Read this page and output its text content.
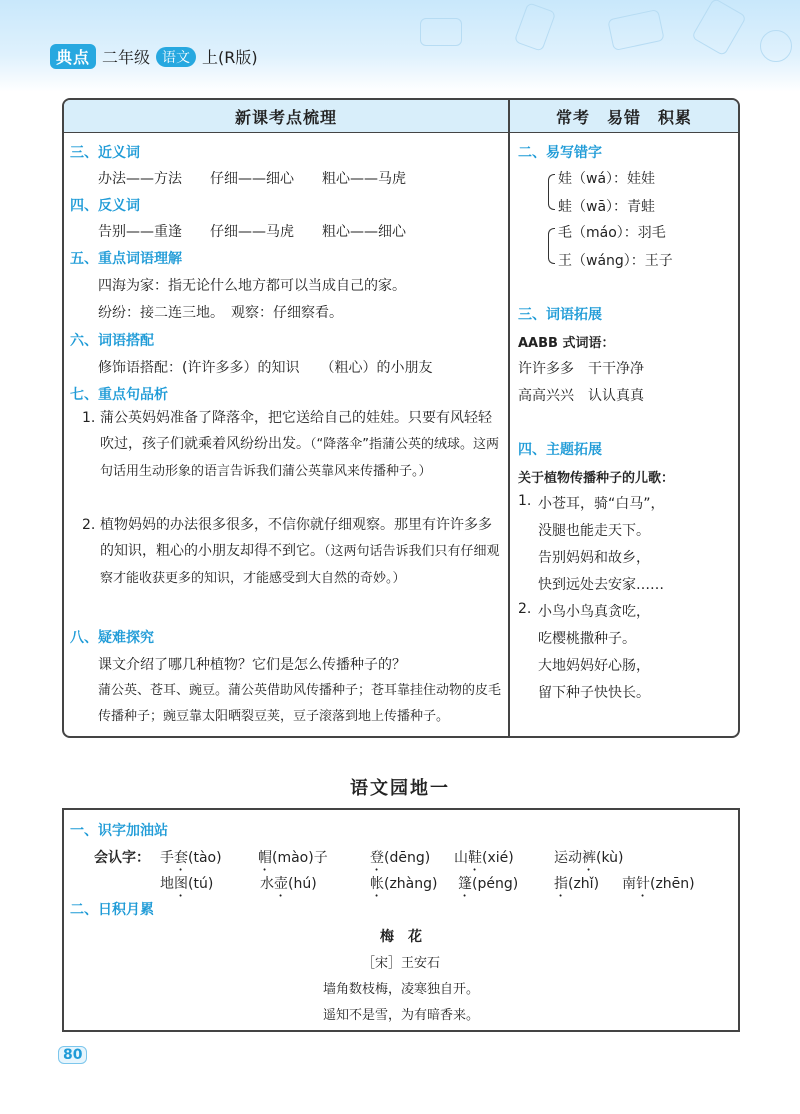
典点 二年级 语文 上(R版)
新课考点梳理	常考　易错　积累
三、近义词
办法——方法　　仔细——细心　　粗心——马虎
四、反义词
告别——重逢　　仔细——马虎　　粗心——细心
五、重点词语理解
四海为家：指无论什么地方都可以当成自己的家。
纷纷：接二连三地。　观察：仔细察看。
六、词语搭配
修饰语搭配：(许许多多）的知识　　（粗心）的小朋友
七、重点句品析
1. 蒲公英妈妈准备了降落伞，把它送给自己的娃娃。只要有风轻轻吹过，孩子们就乘着风纷纷出发。（“降落伞”指蒲公英的绒球。这两句话用生动形象的语言告诉我们蒲公英靠风来传播种子。）
2. 植物妈妈的办法很多很多，不信你就仔细观察。那里有许许多多的知识，粗心的小朋友却得不到它。（这两句话告诉我们只有仔细观察才能收获更多的知识，才能感受到大自然的奇妙。）
八、疑难探究
课文介绍了哪几种植物？它们是怎么传播种子的？
蒲公英、苍耳、豌豆。蒲公英借助风传播种子；苍耳靠挂住动物的皮毛传播种子；豌豆靠太阳晒裂豆荚，豆子滚落到地上传播种子。
二、易写错字
娃（wá）：娃娃
蛙（wā）：青蛙
毛（máo）：羽毛
王（wáng）：王子
三、词语拓展
AABB 式词语：
许许多多　干干净净
高高兴兴　认认真真
四、主题拓展
关于植物传播种子的儿歌：
1. 小苍耳，骑“白马”，
没腿也能走天下。
告别妈妈和故乡，
快到远处去安家……
2. 小鸟小鸟真贪吃，
吃樱桃撒种子。
大地妈妈好心肠，
留下种子快快长。
语文园地一
一、识字加油站
会认字： 手套(tào)	帽(mào)子	登(dēng) 山鞋(xié)	运动裤(kù)
地图(tú)	水壶(hú)	帐(zhàng) 篷(péng)	指(zhǐ) 南针(zhēn)
二、日积月累
梅　花
［宋］王安石
墙角数枝梅，凌寒独自开。
遥知不是雪，为有暗香来。
80
